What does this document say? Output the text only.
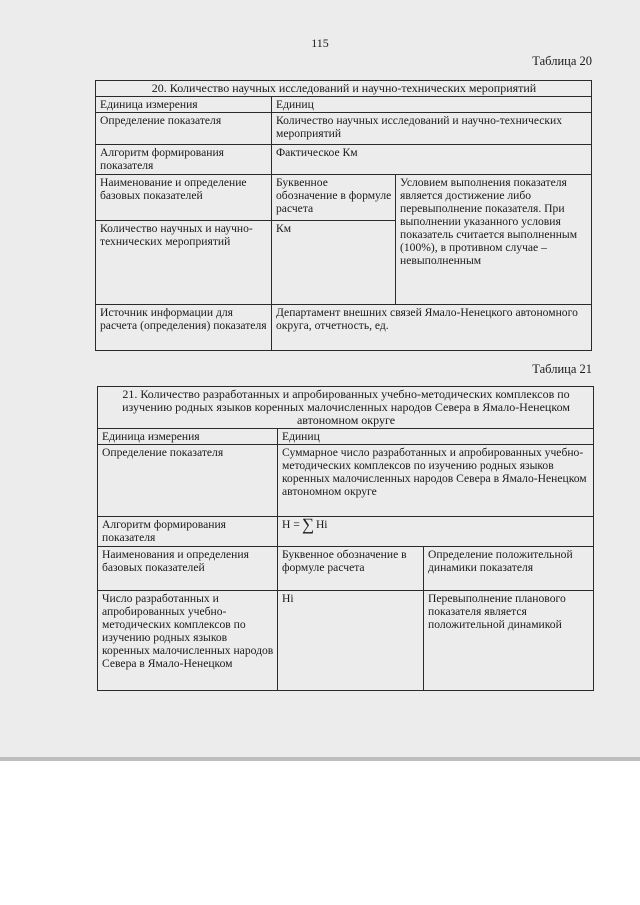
115
Таблица 20
20. Количество научных исследований и научно-технических мероприятий		
Единица измерения	Единиц	
Определение показателя	Количество научных исследований и научно-технических мероприятий	
Алгоритм формирования показателя	Фактическое Км	
Наименование и определение базовых показателей	Буквенное обозначение в формуле расчета	Условием выполнения показателя является достижение либо перевыполнение показателя. При выполнении указанного условия показатель считается выполненным (100%), в противном случае – невыполненным
Количество научных и научно-технических мероприятий	Км	
Источник информации для расчета (определения) показателя	Департамент внешних связей Ямало-Ненецкого автономного округа, отчетность, ед.	
Таблица 21
21. Количество разработанных и апробированных учебно-методических комплексов по изучению родных языков коренных малочисленных народов Севера в Ямало-Ненецком автономном округе		
Единица измерения	Единиц	
Определение показателя	Суммарное число разработанных и апробированных учебно-методических комплексов по изучению родных языков коренных малочисленных народов Севера в Ямало-Ненецком автономном округе	
Алгоритм формирования показателя	Н = ∑ Нi	

Наименования и определения базовых показателей	Буквенное обозначение в формуле расчета	Определение положительной динамики показателя
Число разработанных и апробированных учебно-методических комплексов по изучению родных языков коренных малочисленных народов Севера в Ямало-Ненецком	Нi	Перевыполнение планового показателя является положительной динамикой
